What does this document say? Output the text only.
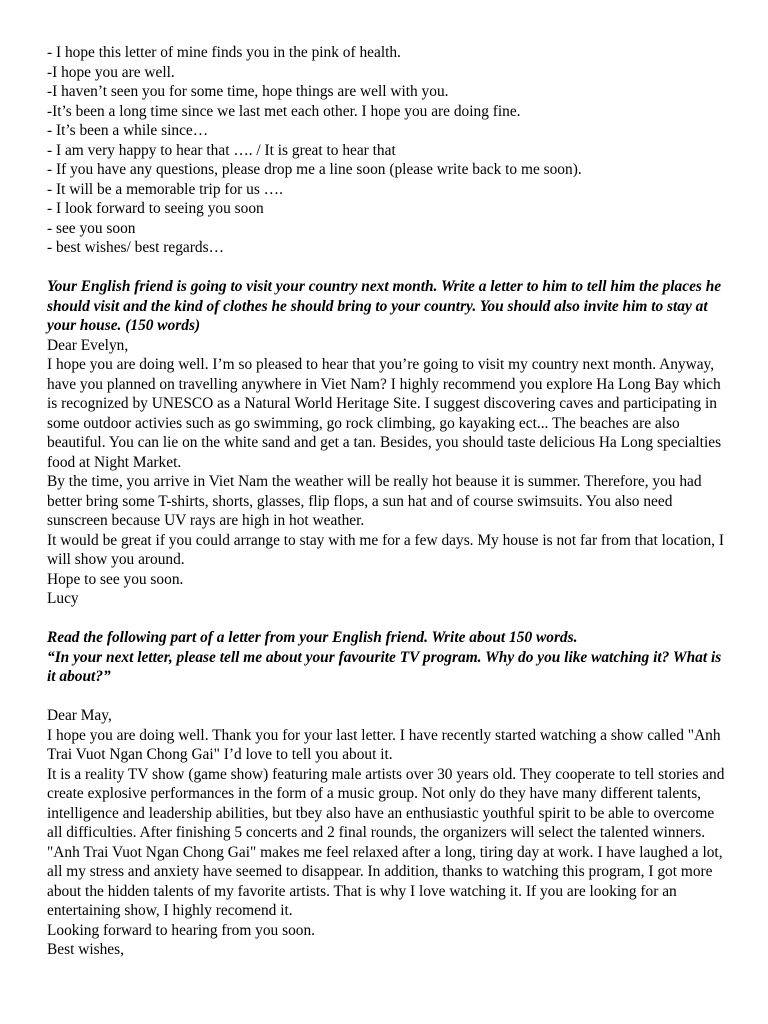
- I hope this letter of mine finds you in the pink of health.
-I hope you are well.
-I haven’t seen you for some time, hope things are well with you.
-It’s been a long time since we last met each other. I hope you are doing fine.
- It’s been a while since…
- I am very happy to hear that …. / It is great to hear that
- If you have any questions, please drop me a line soon (please write back to me soon).
- It will be a memorable trip for us ….
- I look forward to seeing you soon
- see you soon
- best wishes/ best regards…
Your English friend is going to visit your country next month. Write a letter to him to tell him the places he should visit and the kind of clothes he should bring to your country. You should also invite him to stay at your house. (150 words)
Dear Evelyn,
I hope you are doing well. I’m so pleased to hear that you’re going to visit my country next month. Anyway, have you planned on travelling anywhere in Viet Nam? I highly recommend you explore Ha Long Bay which is recognized by UNESCO as a Natural World Heritage Site. I suggest discovering caves and participating in some outdoor activies such as go swimming, go rock climbing, go kayaking ect... The beaches are also beautiful. You can lie on the white sand and get a tan. Besides, you should taste delicious Ha Long specialties food at Night Market.
By the time, you arrive in Viet Nam the weather will be really hot beause it is summer. Therefore, you had better bring some T-shirts, shorts, glasses, flip flops, a sun hat and of course swimsuits. You also need sunscreen because UV rays are high in hot weather.
It would be great if you could arrange to stay with me for a few days. My house is not far from that location, I will show you around.
Hope to see you soon.
Lucy
Read the following part of a letter from your English friend. Write about 150 words.
“In your next letter, please tell me about your favourite TV program. Why do you like watching it? What is it about?”
Dear May,
I hope you are doing well. Thank you for your last letter. I have recently started watching a show called "Anh Trai Vuot Ngan Chong Gai" I’d love to tell you about it.
It is a reality TV show (game show) featuring male artists over 30 years old. They cooperate to tell stories and create explosive performances in the form of a music group. Not only do they have many different talents, intelligence and leadership abilities, but tbey also have an enthusiastic youthful spirit to be able to overcome all difficulties. After finishing 5 concerts and 2 final rounds, the organizers will select the talented winners.
"Anh Trai Vuot Ngan Chong Gai" makes me feel relaxed after a long, tiring day at work. I have laughed a lot, all my stress and anxiety have seemed to disappear. In addition, thanks to watching this program, I got more about the hidden talents of my favorite artists. That is why I love watching it. If you are looking for an entertaining show, I highly recomend it.
Looking forward to hearing from you soon.
Best wishes,
